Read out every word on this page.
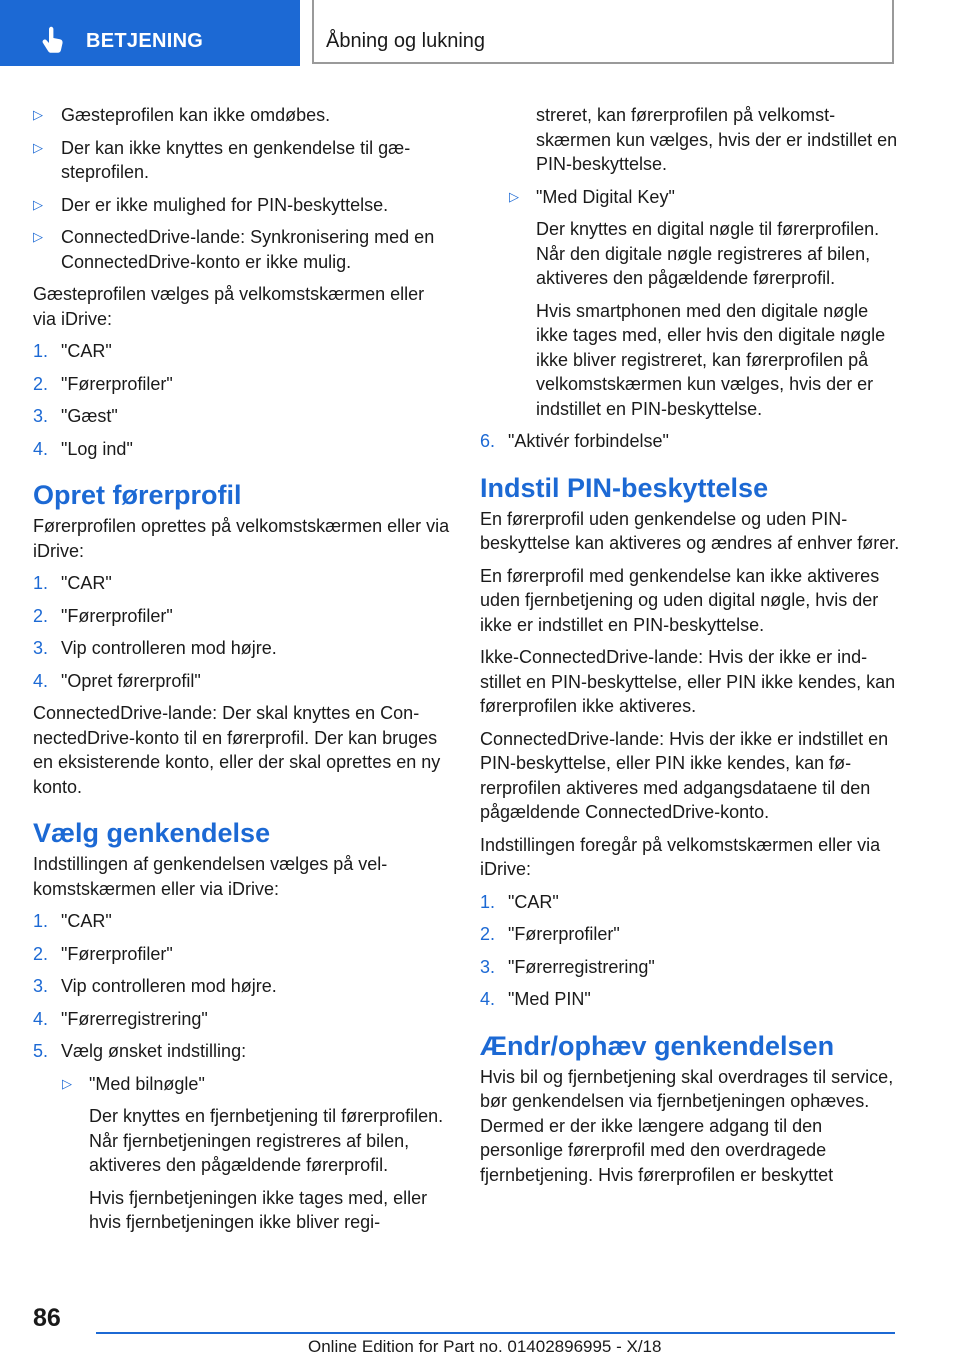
BETJENING	Åbning og lukning
▷ Gæsteprofilen kan ikke omdøbes.
▷ Der kan ikke knyttes en genkendelse til gæsteprofilen.
▷ Der er ikke mulighed for PIN-beskyttelse.
▷ ConnectedDrive-lande: Synkronisering med en ConnectedDrive-konto er ikke mulig.

Gæsteprofilen vælges på velkomstskærmen eller via iDrive:

1. "CAR"
2. "Førerprofiler"
3. "Gæst"
4. "Log ind"
Opret førerprofil

Førerprofilen oprettes på velkomstskærmen eller via iDrive:

1. "CAR"
2. "Førerprofiler"
3. Vip controlleren mod højre.
4. "Opret førerprofil"

ConnectedDrive-lande: Der skal knyttes en ConnectedDrive-konto til en førerprofil. Der kan bruges en eksisterende konto, eller der skal oprettes en ny konto.

Vælg genkendelse

Indstillingen af genkendelsen vælges på velkomstskærmen eller via iDrive:

1. "CAR"
2. "Førerprofiler"
3. Vip controlleren mod højre.
4. "Førerregistrering"
5. Vælg ønsket indstilling:
▷ "Med bilnøgle"

Der knyttes en fjernbetjening til førerprofilen. Når fjernbetjeningen registreres af bilen, aktiveres den pågældende førerprofil.

Hvis fjernbetjeningen ikke tages med, eller hvis fjernbetjeningen ikke bliver regi-

streret, kan førerprofilen på velkomstskærmen kun vælges, hvis der er indstillet en PIN-beskyttelse.

▷ "Med Digital Key"

Der knyttes en digital nøgle til førerprofilen. Når den digitale nøgle registreres af bilen, aktiveres den pågældende førerprofil.

Hvis smartphonen med den digitale nøgle ikke tages med, eller hvis den digitale nøgle ikke bliver registreret, kan førerprofilen på velkomstskærmen kun vælges, hvis der er indstillet en PIN-beskyttelse.

6. "Aktivér forbindelse"
Indstil PIN-beskyttelse

En førerprofil uden genkendelse og uden PIN-beskyttelse kan aktiveres og ændres af enhver fører.

En førerprofil med genkendelse kan ikke aktiveres uden fjernbetjening og uden digital nøgle, hvis der ikke er indstillet en PIN-beskyttelse.

Ikke-ConnectedDrive-lande: Hvis der ikke er indstillet en PIN-beskyttelse, eller PIN ikke kendes, kan førerprofilen ikke aktiveres.

ConnectedDrive-lande: Hvis der ikke er indstillet en PIN-beskyttelse, eller PIN ikke kendes, kan førerprofilen aktiveres med adgangsdataene til den pågældende ConnectedDrive-konto.

Indstillingen foregår på velkomstskærmen eller via iDrive:

1. "CAR"
2. "Førerprofiler"
3. "Førerregistrering"
4. "Med PIN"
Ændr/ophæv genkendelsen

Hvis bil og fjernbetjening skal overdrages til service, bør genkendelsen via fjernbetjeningen ophæves. Dermed er der ikke længere adgang til den personlige førerprofil med den overdragede fjernbetjening. Hvis førerprofilen er beskyttet

86
Online Edition for Part no. 01402896995 - X/18
